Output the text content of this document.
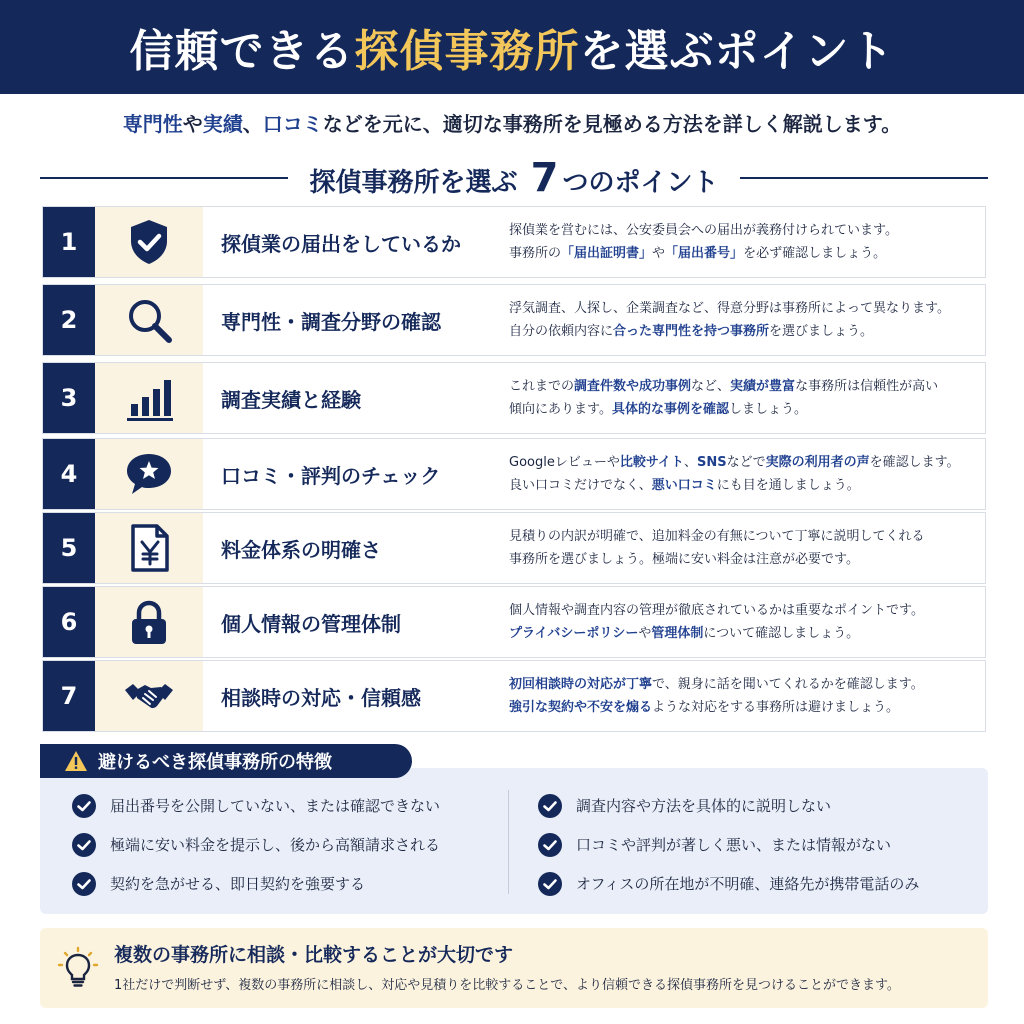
信頼できる探偵事務所を選ぶポイント
専門性や実績、口コミなどを元に、適切な事務所を見極める方法を詳しく解説します。
探偵事務所を選ぶ 7 つのポイント
1	探偵業の届出をしているか
探偵業を営むには、公安委員会への届出が義務付けられています。
事務所の「届出証明書」や「届出番号」を必ず確認しましょう。
2	専門性・調査分野の確認
浮気調査、人探し、企業調査など、得意分野は事務所によって異なります。
自分の依頼内容に合った専門性を持つ事務所を選びましょう。
3	調査実績と経験
これまでの調査件数や成功事例など、実績が豊富な事務所は信頼性が高い
傾向にあります。具体的な事例を確認しましょう。
4	口コミ・評判のチェック
Googleレビューや比較サイト、SNSなどで実際の利用者の声を確認します。
良い口コミだけでなく、悪い口コミにも目を通しましょう。
5	料金体系の明確さ
見積りの内訳が明確で、追加料金の有無について丁寧に説明してくれる
事務所を選びましょう。極端に安い料金は注意が必要です。
6	個人情報の管理体制
個人情報や調査内容の管理が徹底されているかは重要なポイントです。
プライバシーポリシーや管理体制について確認しましょう。
7	相談時の対応・信頼感
初回相談時の対応が丁寧で、親身に話を聞いてくれるかを確認します。
強引な契約や不安を煽るような対応をする事務所は避けましょう。
届出番号を公開していない、または確認できない
極端に安い料金を提示し、後から高額請求される
契約を急がせる、即日契約を強要する
調査内容や方法を具体的に説明しない
口コミや評判が著しく悪い、または情報がない
オフィスの所在地が不明確、連絡先が携帯電話のみ
避けるべき探偵事務所の特徴
複数の事務所に相談・比較することが大切です
1社だけで判断せず、複数の事務所に相談し、対応や見積りを比較することで、より信頼できる探偵事務所を見つけることができます。
